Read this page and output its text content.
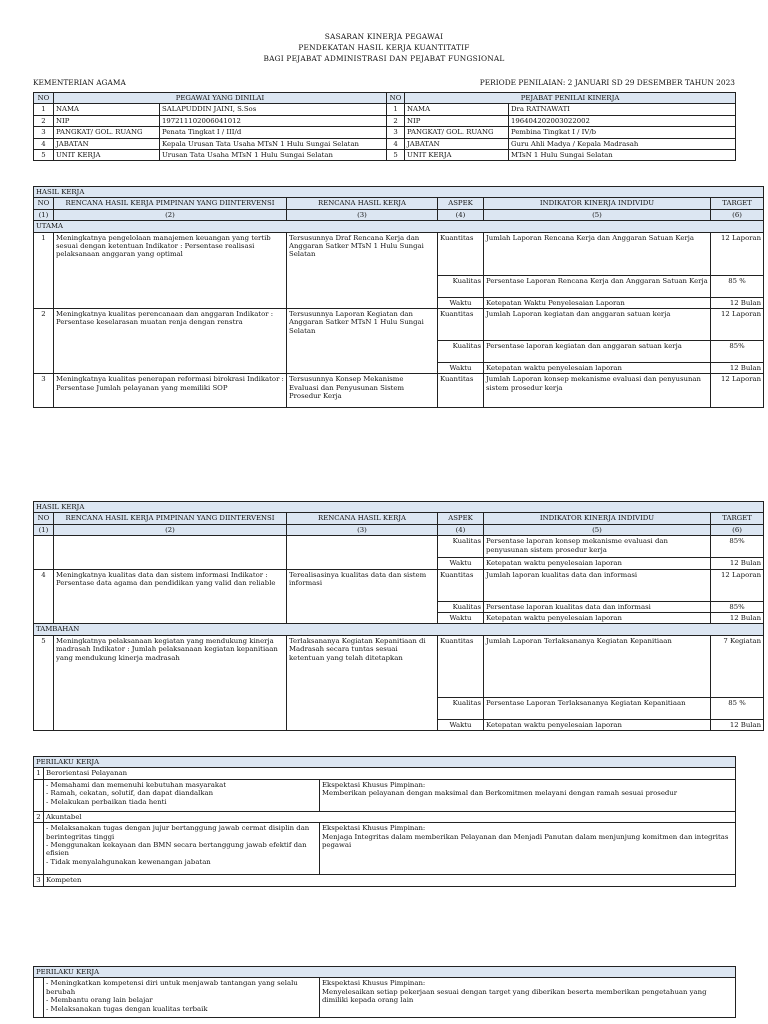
SASARAN KINERJA PEGAWAI
PENDEKATAN HASIL KERJA KUANTITATIF
BAGI PEJABAT ADMINISTRASI DAN PEJABAT FUNGSIONAL
KEMENTERIAN AGAMA	PERIODE PENILAIAN: 2 JANUARI SD 29 DESEMBER TAHUN 2023
NO	PEGAWAI YANG DINILAI		NO	PEJABAT PENILAI KINERJA	
1	NAMA	SALAPUDDIN JAINI, S.Sos	1	NAMA	Dra RATNAWATI
2	NIP	197211102006041012	2	NIP	196404202003022002
3	PANGKAT/ GOL. RUANG	Penata Tingkat I / III/d	3	PANGKAT/ GOL. RUANG	Pembina Tingkat I / IV/b
4	JABATAN	Kepala Urusan Tata Usaha MTsN 1 Hulu Sungai Selatan	4	JABATAN	Guru Ahli Madya / Kepala Madrasah
5	UNIT KERJA	Urusan Tata Usaha MTsN 1 Hulu Sungai Selatan	5	UNIT KERJA	MTsN 1 Hulu Sungai Selatan
HASIL KERJA					
NO	RENCANA HASIL KERJA PIMPINAN YANG DIINTERVENSI	RENCANA HASIL KERJA	ASPEK	INDIKATOR KINERJA INDIVIDU	TARGET
(1)	(2)	(3)	(4)	(5)	(6)
UTAMA					
1	Meningkatnya pengelolaan manajemen keuangan yang tertib sesuai dengan ketentuan Indikator : Persentase realisasi pelaksanaan anggaran yang optimal	Tersusunnya Draf Rencana Kerja dan Anggaran Satker MTsN 1 Hulu Sungai Selatan	Kuantitas	Jumlah Laporan Rencana Kerja dan Anggaran Satuan Kerja	12 Laporan
			Kualitas	Persentase Laporan Rencana Kerja dan Anggaran Satuan Kerja	85 %
			Waktu	Ketepatan Waktu Penyelesaian Laporan	12 Bulan
2	Meningkatnya kualitas perencanaan dan anggaran Indikator : Persentase keselarasan muatan renja dengan renstra	Tersusunnya Laporan Kegiatan dan Anggaran Satker MTsN 1 Hulu Sungai Selatan	Kuantitas	Jumlah Laporan kegiatan dan anggaran satuan kerja	12 Laporan
			Kualitas	Persentase laporan kegiatan dan anggaran satuan kerja	85%
			Waktu	Ketepatan waktu penyelesaian laporan	12 Bulan
3	Meningkatnya kualitas penerapan reformasi birokrasi Indikator : Persentase Jumlah pelayanan yang memiliki SOP	Tersusunnya Konsep Mekanisme Evaluasi dan Penyusunan Sistem Prosedur Kerja	Kuantitas	Jumlah Laporan konsep mekanisme evaluasi dan penyusunan sistem prosedur kerja	12 Laporan
HASIL KERJA					
NO	RENCANA HASIL KERJA PIMPINAN YANG DIINTERVENSI	RENCANA HASIL KERJA	ASPEK	INDIKATOR KINERJA INDIVIDU	TARGET
(1)	(2)	(3)	(4)	(5)	(6)
			Kualitas	Persentase laporan konsep mekanisme evaluasi dan penyusunan sistem prosedur kerja	85%
			Waktu	Ketepatan waktu penyelesaian laporan	12 Bulan
4	Meningkatnya kualitas data dan sistem informasi Indikator : Persentase data agama dan pendidikan yang valid dan reliable	Terealisasinya kualitas data dan sistem informasi	Kuantitas	Jumlah laporan kualitas data dan informasi	12 Laporan
			Kualitas	Persentase laporan kualitas data dan informasi	85%
			Waktu	Ketepatan waktu penyelesaian laporan	12 Bulan
TAMBAHAN					
5	Meningkatnya pelaksanaan kegiatan yang mendukung kinerja madrasah Indikator : Jumlah pelaksanaan kegiatan kepanitiaan yang mendukung kinerja madrasah	Terlaksananya Kegiatan Kepanitiaan di Madrasah secara tuntas sesuai ketentuan yang telah ditetapkan	Kuantitas	Jumlah Laporan Terlaksananya Kegiatan Kepanitiaan	7 Kegiatan
			Kualitas	Persentase Laporan Terlaksananya Kegiatan Kepanitiaan	85 %
			Waktu	Ketepatan waktu penyelesaian laporan	12 Bulan
PERILAKU KERJA		
1	Berorientasi Pelayanan	
	- Memahami dan memenuhi kebutuhan masyarakat
- Ramah, cekatan, solutif, dan dapat diandalkan
- Melakukan perbaikan tiada henti	Ekspektasi Khusus Pimpinan:
Memberikan pelayanan dengan maksimal dan Berkomitmen melayani dengan ramah sesuai prosedur
2	Akuntabel	
	- Melaksanakan tugas dengan jujur bertanggung jawab cermat disiplin dan berintegritas tinggi
- Menggunakan kekayaan dan BMN secara bertanggung jawab efektif dan efisien
- Tidak menyalahgunakan kewenangan jabatan	Ekspektasi Khusus Pimpinan:
Menjaga Integritas dalam memberikan Pelayanan dan Menjadi Panutan dalam menjunjung komitmen dan integritas pegawai
3	Kompeten	
PERILAKU KERJA
	- Meningkatkan kompetensi diri untuk menjawab tantangan yang selalu berubah
- Membantu orang lain belajar
- Melaksanakan tugas dengan kualitas terbaik	Ekspektasi Khusus Pimpinan:
Menyelesaikan setiap pekerjaan sesuai dengan target yang diberikan beserta memberikan pengetahuan yang dimiliki kepada orang lain
